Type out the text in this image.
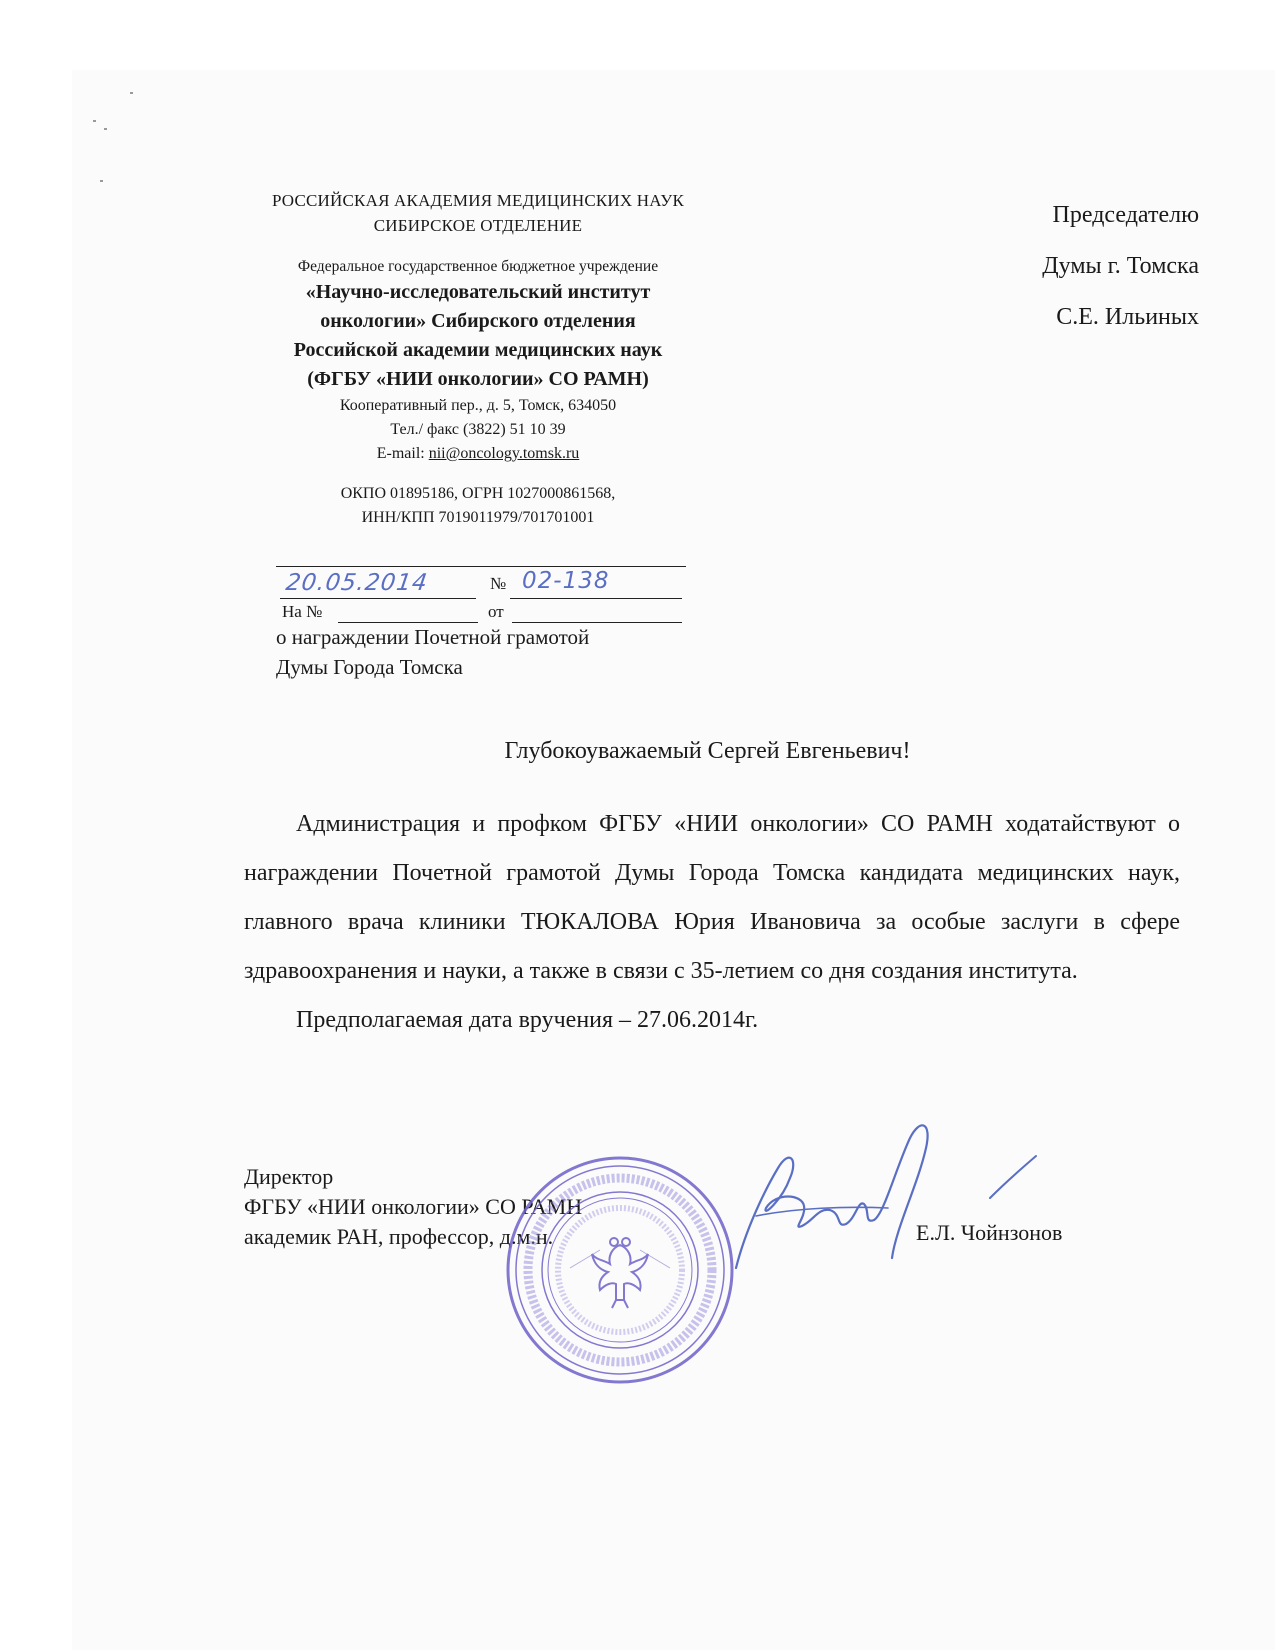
РОССИЙСКАЯ АКАДЕМИЯ МЕДИЦИНСКИХ НАУК
СИБИРСКОЕ ОТДЕЛЕНИЕ
Федеральное государственное бюджетное учреждение
«Научно-исследовательский институт
онкологии» Сибирского отделения
Российской академии медицинских наук
(ФГБУ «НИИ онкологии» СО РАМН)
Кооперативный пер., д. 5, Томск, 634050
Тел./ факс (3822) 51 10 39
E-mail: nii@oncology.tomsk.ru
ОКПО 01895186, ОГРН 1027000861568,
ИНН/КПП 7019011979/701701001
Председателю
Думы г. Томска
С.Е. Ильиных
20.05.2014	№ 02-138
На №	от
о награждении Почетной грамотой
Думы Города Томска
Глубокоуважаемый Сергей Евгеньевич!

Администрация и профком ФГБУ «НИИ онкологии» СО РАМН ходатайствуют о награждении Почетной грамотой Думы Города Томска кандидата медицинских наук, главного врача клиники ТЮКАЛОВА Юрия Ивановича за особые заслуги в сфере здравоохранения и науки, а также в связи с 35-летием со дня создания института.

Предполагаемая дата вручения – 27.06.2014г.

Директор
ФГБУ «НИИ онкологии» СО РАМН
академик РАН, профессор, д.м.н.	Е.Л. Чойнзонов
